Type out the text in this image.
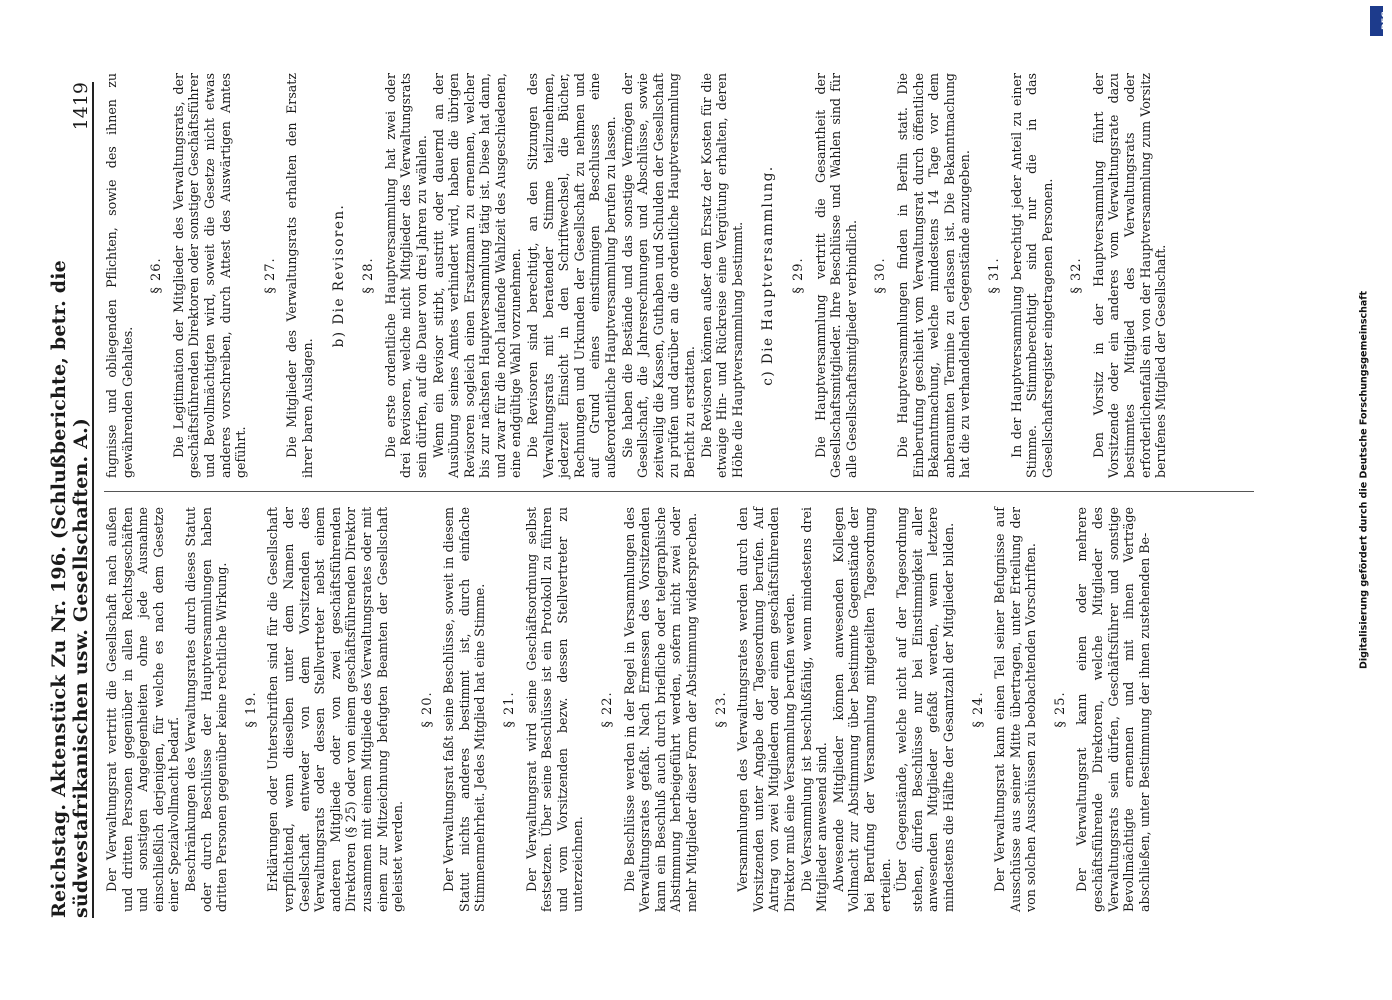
Reichstag. Aktenstück Zu Nr. 196. (Schlußberichte, betr. die südwestafrikanischen usw. Gesellschaften. A.)
1419
Der Verwaltungsrat vertritt die Gesellschaft nach außen und dritten Personen gegenüber in allen Rechtsgeschäften und sonstigen Angelegenheiten ohne jede Ausnahme einschließlich derjenigen, für welche es nach dem Gesetze einer Spezialvollmacht bedarf. Beschränkungen des Verwaltungsrates durch dieses Statut oder durch Beschlüsse der Hauptversammlungen haben dritten Personen gegenüber keine rechtliche Wirkung. § 19. Erklärungen oder Unterschriften sind für die Gesellschaft verpflichtend, wenn dieselben unter dem Namen der Gesellschaft entweder von dem Vorsitzenden des Verwaltungsrats oder dessen Stellvertreter nebst einem anderen Mitgliede oder von zwei geschäftsführenden Direktoren (§ 25) oder von einem geschäftsführenden Direktor zusammen mit einem Mitgliede des Verwaltungsrates oder mit einem zur Mitzeichnung befugten Beamten der Gesellschaft geleistet werden.
§ 20. Der Verwaltungsrat faßt seine Beschlüsse, soweit in diesem Statut nichts anderes bestimmt ist, durch einfache Stimmenmehrheit. Jedes Mitglied hat eine Stimme. § 21. Der Verwaltungsrat wird seine Geschäftsordnung selbst festsetzen. Über seine Beschlüsse ist ein Protokoll zu führen und vom Vorsitzenden bezw. dessen Stellvertreter zu unterzeichnen.
§ 22. Die Beschlüsse werden in der Regel in Versammlungen des Verwaltungsrates gefaßt. Nach Ermessen des Vorsitzenden kann ein Beschluß auch durch briefliche oder telegraphische Abstimmung herbeigeführt werden, sofern nicht zwei oder mehr Mitglieder dieser Form der Abstimmung widersprechen. § 23. Versammlungen des Verwaltungsrates werden durch den Vorsitzenden unter Angabe der Tagesordnung berufen. Auf Antrag von zwei Mitgliedern oder einem geschäftsführenden Direktor muß eine Versammlung berufen werden. Die Versammlung ist beschlußfähig, wenn mindestens drei Mitglieder anwesend sind. Abwesende Mitglieder können anwesenden Kollegen Vollmacht zur Abstimmung über bestimmte Gegenstände der bei Berufung der Versammlung mitgeteilten Tagesordnung erteilen. Über Gegenstände, welche nicht auf der Tagesordnung stehen, dürfen Beschlüsse nur bei Einstimmigkeit aller anwesenden Mitglieder gefaßt werden, wenn letztere mindestens die Hälfte der Gesamtzahl der Mitglieder bilden. § 24. Der Verwaltungsrat kann einen Teil seiner Befugnisse auf Ausschüsse aus seiner Mitte übertragen, unter Erteilung der von solchen Ausschüssen zu beobachtenden Vorschriften. § 25. Der Verwaltungsrat kann einen oder mehrere geschäftsführende Direktoren, welche Mitglieder des Verwaltungsrats sein dürfen, Geschäftsführer und sonstige Bevollmächtigte ernennen und mit ihnen Verträge abschließen, unter Bestimmung der ihnen zustehenden Be-
fugnisse und obliegenden Pflichten, sowie des ihnen zu gewährenden Gehaltes.
§ 26. Die Legitimation der Mitglieder des Verwaltungsrats, der geschäftsführenden Direktoren oder sonstiger Geschäftsführer und Bevollmächtigten wird, soweit die Gesetze nicht etwas anderes vorschreiben, durch Attest des Auswärtigen Amtes geführt.
§ 27. Die Mitglieder des Verwaltungsrats erhalten den Ersatz ihrer baren Auslagen.
b) Die Revisoren. § 28. Die erste ordentliche Hauptversammlung hat zwei oder drei Revisoren, welche nicht Mitglieder des Verwaltungsrats sein dürfen, auf die Dauer von drei Jahren zu wählen. Wenn ein Revisor stirbt, austritt oder dauernd an der Ausübung seines Amtes verhindert wird, haben die übrigen Revisoren sogleich einen Ersatzmann zu ernennen, welcher bis zur nächsten Hauptversammlung tätig ist. Diese hat dann, und zwar für die noch laufende Wahlzeit des Ausgeschiedenen, eine endgültige Wahl vorzunehmen. Die Revisoren sind berechtigt, an den Sitzungen des Verwaltungsrats mit beratender Stimme teilzunehmen, jederzeit Einsicht in den Schriftwechsel, die Bücher, Rechnungen und Urkunden der Gesellschaft zu nehmen und auf Grund eines einstimmigen Beschlusses eine außerordentliche Hauptversammlung berufen zu lassen. Sie haben die Bestände und das sonstige Vermögen der Gesellschaft, die Jahresrechnungen und Abschlüsse, sowie zeitweilig die Kassen, Guthaben und Schulden der Gesellschaft zu prüfen und darüber an die ordentliche Hauptversammlung Bericht zu erstatten. Die Revisoren können außer dem Ersatz der Kosten für die etwaige Hin- und Rückreise eine Vergütung erhalten, deren Höhe die Hauptversammlung bestimmt. c) Die Hauptversammlung. § 29. Die Hauptversammlung vertritt die Gesamtheit der Gesellschaftsmitglieder. Ihre Beschlüsse und Wahlen sind für alle Gesellschaftsmitglieder verbindlich. § 30. Die Hauptversammlungen finden in Berlin statt. Die Einberufung geschieht vom Verwaltungsrat durch öffentliche Bekanntmachung, welche mindestens 14 Tage vor dem anberaumten Termine zu erlassen ist. Die Bekanntmachung hat die zu verhandelnden Gegenstände anzugeben. § 31. In der Hauptversammlung berechtigt jeder Anteil zu einer Stimme. Stimmberechtigt sind nur die in das Gesellschaftsregister eingetragenen Personen. § 32. Den Vorsitz in der Hauptversammlung führt der Vorsitzende oder ein anderes vom Verwaltungsrate dazu bestimmtes Mitglied des Verwaltungsrats oder erforderlichenfalls ein von der Hauptversammlung zum Vorsitz berufenes Mitglied der Gesellschaft.	Digitalisierung gefördert durch die Deutsche Forschungsgemeinschaft
DFG
